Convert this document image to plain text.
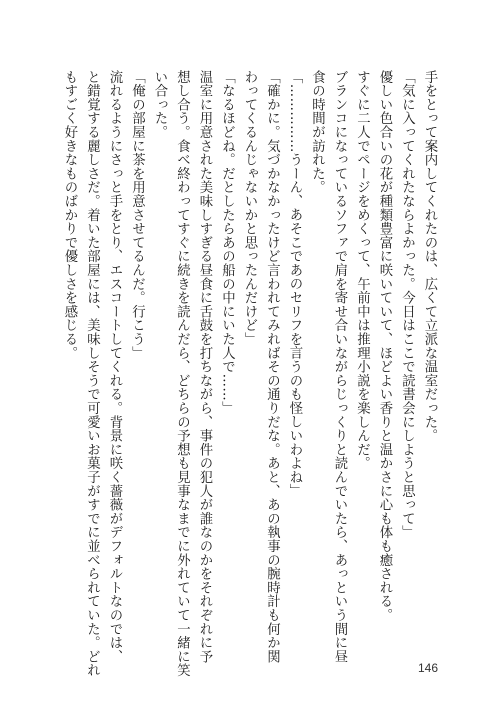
手をとって案内してくれたのは、広くて立派な温室だった。

「気に入ってくれたならよかった。今日はここで読書会にしようと思って」

優しい色合いの花が種類豊富に咲いていて、ほどよい香りと温かさに心も体も癒される。

すぐに二人でページをめくって、午前中は推理小説を楽しんだ。

ブランコになっているソファで肩を寄せ合いながらじっくりと読んでいたら、あっという間に昼

食の時間が訪れた。

「……………うーん、あそこであのセリフを言うのも怪しいわよね」

「確かに。気づかなかったけど言われてみればその通りだな。あと、あの執事の腕時計も何か関

わってくるんじゃないかと思ったんだけど」

「なるほどね。だとしたらあの船の中にいた人で……」

温室に用意された美味しすぎる昼食に舌鼓を打ちながら、事件の犯人が誰なのかをそれぞれに予

想し合う。食べ終わってすぐに続きを読んだら、どちらの予想も見事なまでに外れていて一緒に笑

い合った。

「俺の部屋に茶を用意させてるんだ。行こう」

流れるようにさっと手をとり、エスコートしてくれる。背景に咲く薔薇がデフォルトなのでは、

と錯覚する麗しさだ。着いた部屋には、美味しそうで可愛いお菓子がすでに並べられていた。どれ

もすごく好きなものばかりで優しさを感じる。

146
